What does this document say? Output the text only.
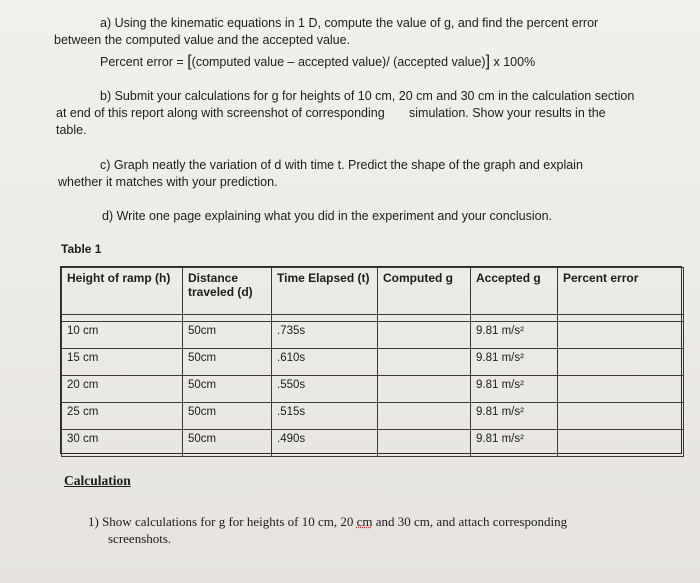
a) Using the kinematic equations in 1 D, compute the value of g, and find the percent error
between the computed value and the accepted value.
Percent error = [(computed value – accepted value)/ (accepted value)] x 100%
b) Submit your calculations for g for heights of 10 cm, 20 cm and 30 cm in the calculation section
at end of this report along with screenshot of corresponding simulation. Show your results in the
table.
c) Graph neatly the variation of d with time t. Predict the shape of the graph and explain
whether it matches with your prediction.
d) Write one page explaining what you did in the experiment and your conclusion.
Table 1
Height of ramp (h)	Distance traveled (d)	Time Elapsed (t)	Computed g	Accepted g	Percent error

10 cm	50cm	.735s		9.81 m/s²	
15 cm	50cm	.610s		9.81 m/s²	
20 cm	50cm	.550s		9.81 m/s²	
25 cm	50cm	.515s		9.81 m/s²	
30 cm	50cm	.490s		9.81 m/s²	
Calculation
1) Show calculations for g for heights of 10 cm, 20 cm and 30 cm, and attach corresponding
screenshots.
